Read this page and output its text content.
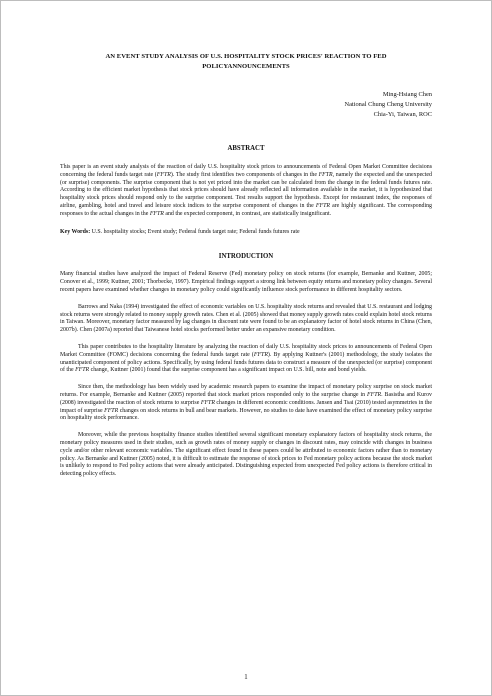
AN EVENT STUDY ANALYSIS OF U.S. HOSPITALITY STOCK PRICES' REACTION TO FED POLICYANNOUNCEMENTS
Ming-Hsiang Chen
National Chung Cheng University
Chia-Yi, Taiwan, ROC
ABSTRACT

This paper is an event study analysis of the reaction of daily U.S. hospitality stock prices to announcements of Federal Open Market Committee decisions concerning the federal funds target rate (FFTR). The study first identifies two components of changes in the FFTR, namely the expected and the unexpected (or surprise) components. The surprise component that is not yet priced into the market can be calculated from the change in the federal funds futures rate. According to the efficient market hypothesis that stock prices should have already reflected all information available in the market, it is hypothesized that hospitality stock prices should respond only to the surprise component. Test results support the hypothesis. Except for restaurant index, the responses of airline, gambling, hotel and travel and leisure stock indices to the surprise component of changes in the FFTR are highly significant. The corresponding responses to the actual changes in the FFTR and the expected component, in contrast, are statistically insignificant.

Key Words: U.S. hospitality stocks; Event study; Federal funds target rate; Federal funds futures rate

INTRODUCTION

Many financial studies have analyzed the impact of Federal Reserve (Fed) monetary policy on stock returns (for example, Bernanke and Kuttner, 2005; Conover et al., 1999; Kuttner, 2001; Thorbecke, 1997). Empirical findings support a strong link between equity returns and monetary policy changes. Several recent papers have examined whether changes in monetary policy could significantly influence stock performance in different hospitality sectors.

Barrows and Naka (1994) investigated the effect of economic variables on U.S. hospitality stock returns and revealed that U.S. restaurant and lodging stock returns were strongly related to money supply growth rates. Chen et al. (2005) showed that money supply growth rates could explain hotel stock returns in Taiwan. Moreover, monetary factor measured by lag changes in discount rate were found to be an explanatory factor of hotel stock returns in China (Chen, 2007b). Chen (2007a) reported that Taiwanese hotel stocks performed better under an expansive monetary condition.

This paper contributes to the hospitality literature by analyzing the reaction of daily U.S. hospitality stock prices to announcements of Federal Open Market Committee (FOMC) decisions concerning the federal funds target rate (FFTR). By applying Kuttner's (2001) methodology, the study isolates the unanticipated component of policy actions. Specifically, by using federal funds futures data to construct a measure of the unexpected (or surprise) component of the FFTR change, Kuttner (2001) found that the surprise component has a significant impact on U.S. bill, note and bond yields.

Since then, the methodology has been widely used by academic research papers to examine the impact of monetary policy surprise on stock market returns. For example, Bernanke and Kuttner (2005) reported that stock market prices responded only to the surprise change in FFTR. Basistha and Kurov (2008) investigated the reaction of stock returns to surprise FFTR changes in different economic conditions. Jansen and Tsai (2010) tested asymmetries in the impact of surprise FFTR changes on stock returns in bull and bear markets. However, no studies to date have examined the effect of monetary policy surprise on hospitality stock performance.

Moreover, while the previous hospitality finance studies identified several significant monetary explanatory factors of hospitality stock returns, the monetary policy measures used in their studies, such as growth rates of money supply or changes in discount rates, may coincide with changes in business cycle and/or other relevant economic variables. The significant effect found in these papers could be attributed to economic factors rather than to monetary policy. As Bernanke and Kuttner (2005) noted, it is difficult to estimate the response of stock prices to Fed monetary policy actions because the stock market is unlikely to respond to Fed policy actions that were already anticipated. Distinguishing expected from unexpected Fed policy actions is therefore critical in detecting policy effects.

1
